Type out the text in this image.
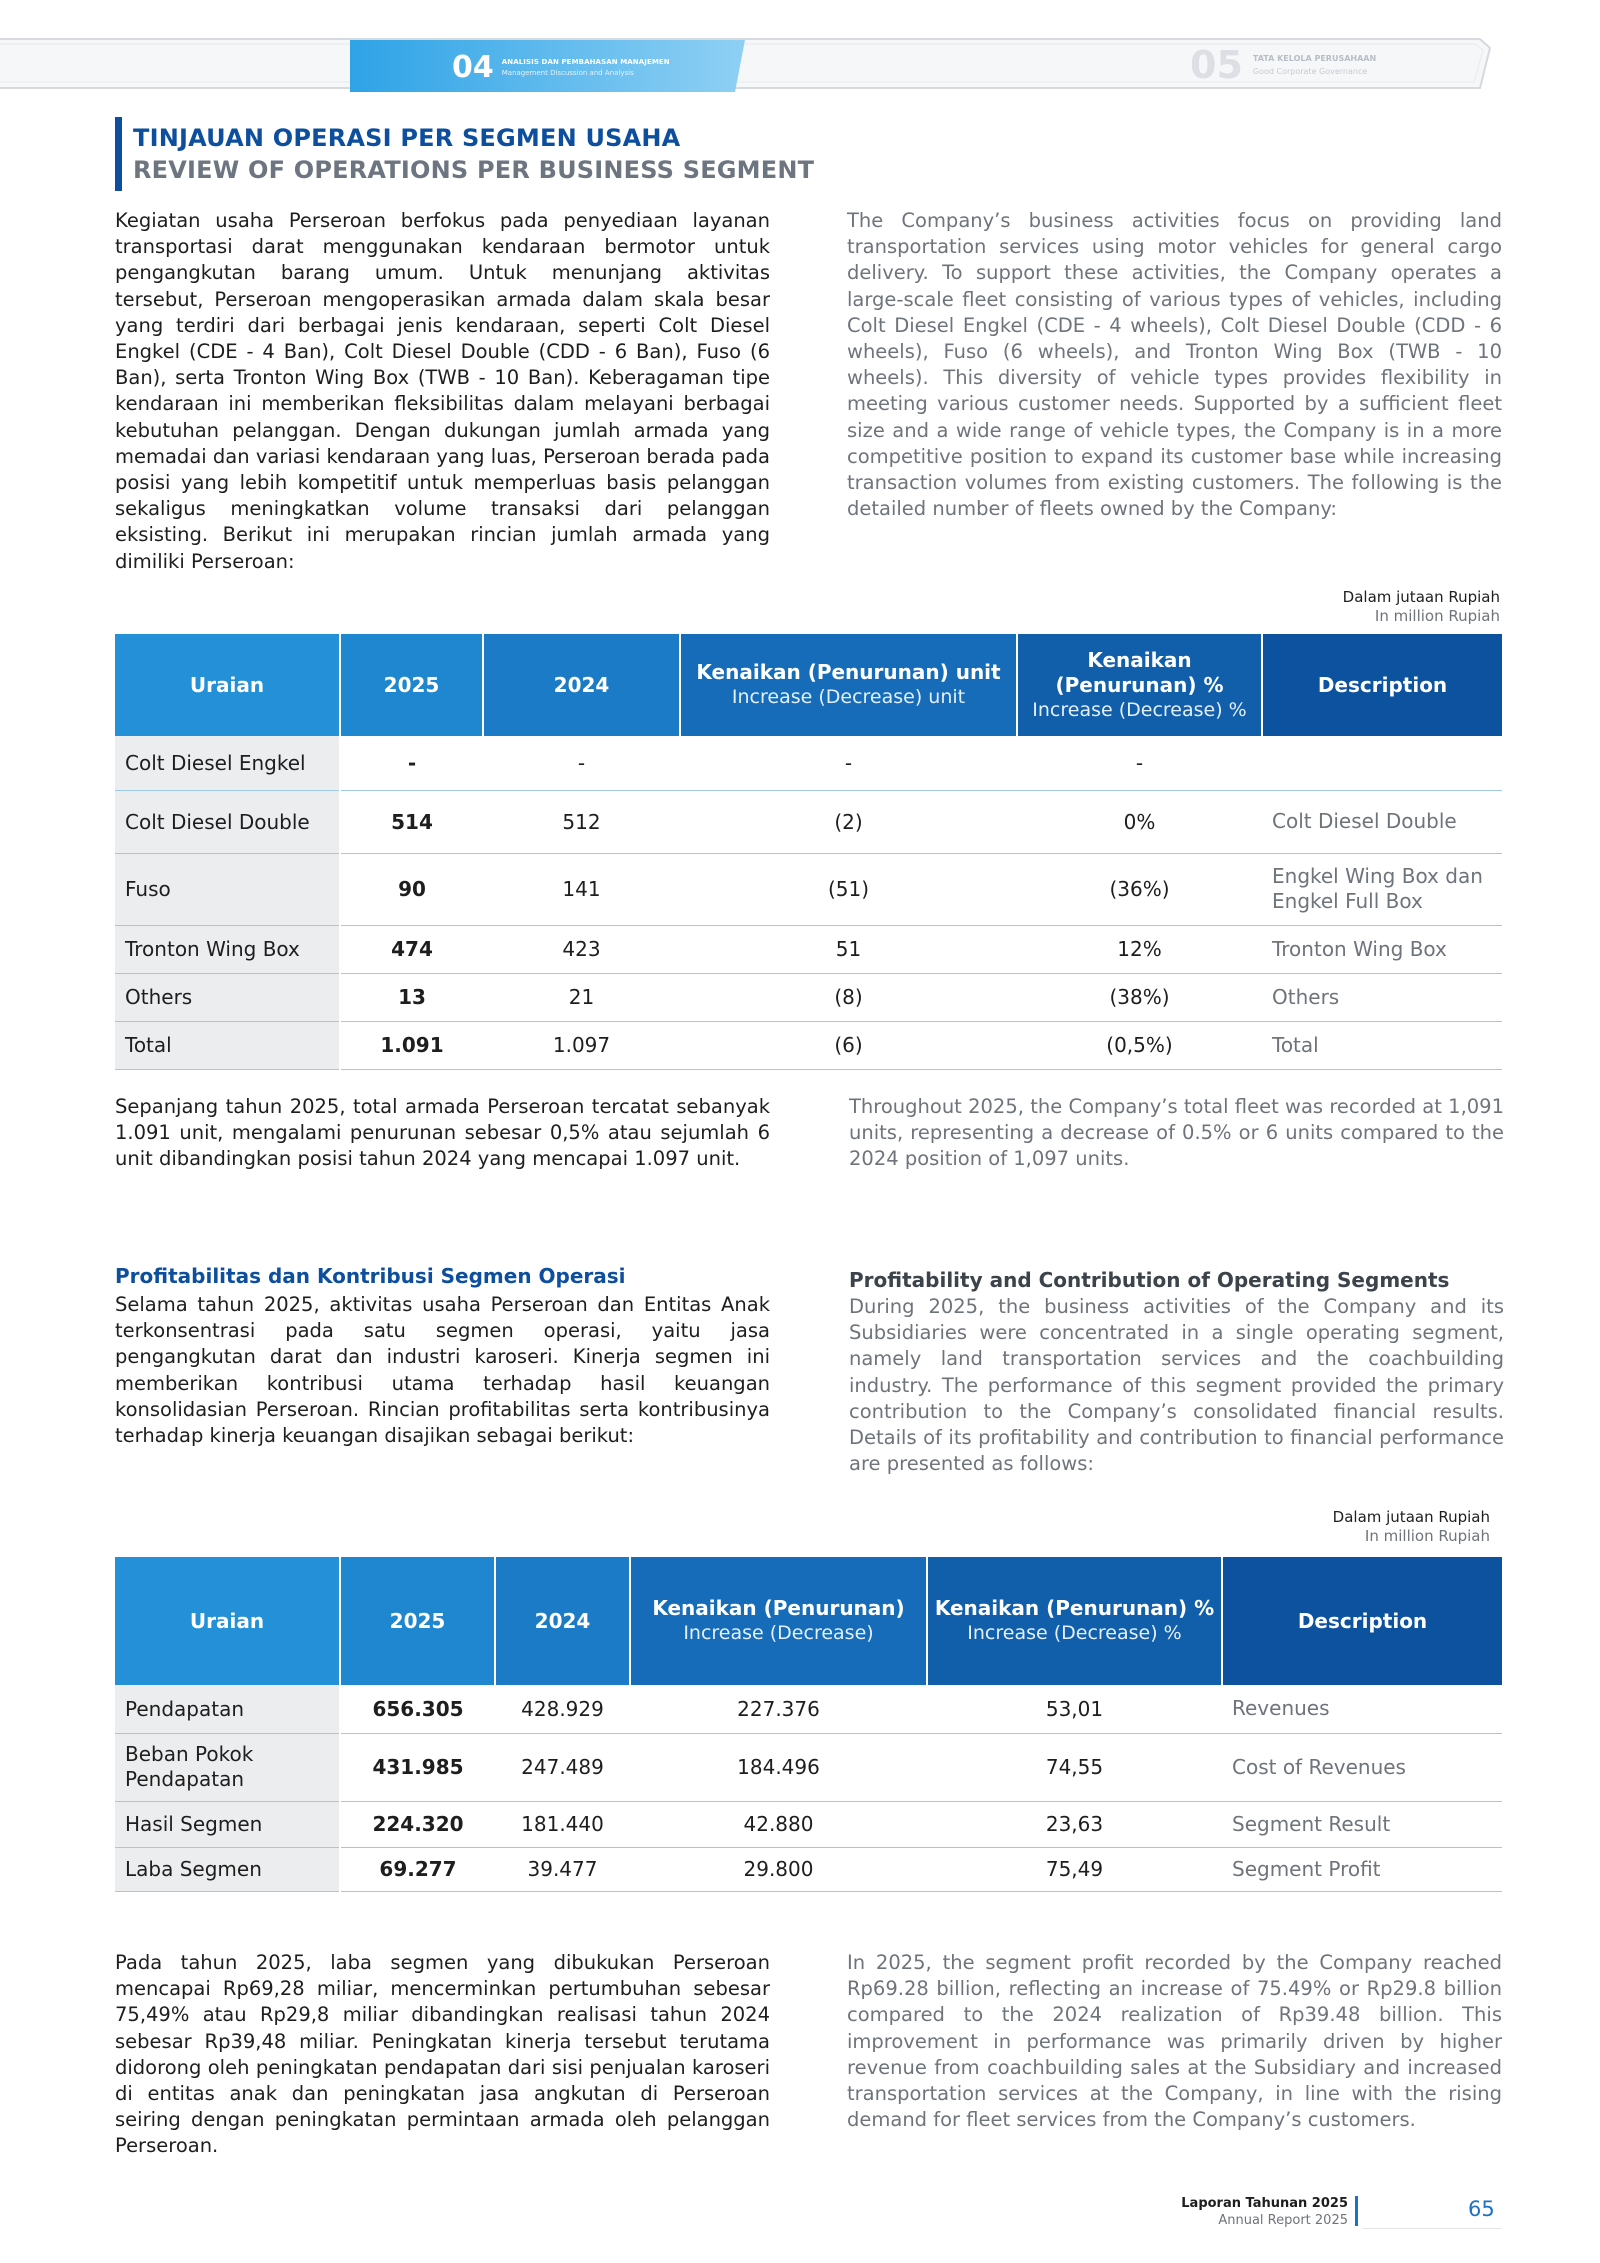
04 ANALISIS DAN PEMBAHASAN MANAJEMEN
Management Discussion and Analysis	05 TATA KELOLA PERUSAHAAN
Good Corporate Governance
TINJAUAN OPERASI PER SEGMEN USAHA
REVIEW OF OPERATIONS PER BUSINESS SEGMENT
Kegiatan usaha Perseroan berfokus pada penyediaan layanan transportasi darat menggunakan kendaraan bermotor untuk pengangkutan barang umum. Untuk menunjang aktivitas tersebut, Perseroan mengoperasikan armada dalam skala besar yang terdiri dari berbagai jenis kendaraan, seperti Colt Diesel Engkel (CDE - 4 Ban), Colt Diesel Double (CDD - 6 Ban), Fuso (6 Ban), serta Tronton Wing Box (TWB - 10 Ban). Keberagaman tipe kendaraan ini memberikan fleksibilitas dalam melayani berbagai kebutuhan pelanggan. Dengan dukungan jumlah armada yang memadai dan variasi kendaraan yang luas, Perseroan berada pada posisi yang lebih kompetitif untuk memperluas basis pelanggan sekaligus meningkatkan volume transaksi dari pelanggan eksisting. Berikut ini merupakan rincian jumlah armada yang dimiliki Perseroan:
The Company’s business activities focus on providing land transportation services using motor vehicles for general cargo delivery. To support these activities, the Company operates a large-scale fleet consisting of various types of vehicles, including Colt Diesel Engkel (CDE - 4 wheels), Colt Diesel Double (CDD - 6 wheels), Fuso (6 wheels), and Tronton Wing Box (TWB - 10 wheels). This diversity of vehicle types provides flexibility in meeting various customer needs. Supported by a sufficient fleet size and a wide range of vehicle types, the Company is in a more competitive position to expand its customer base while increasing transaction volumes from existing customers. The following is the detailed number of fleets owned by the Company:
Dalam jutaan Rupiah
In million Rupiah
Uraian	2025	2024	Kenaikan (Penurunan) unit
Increase (Decrease) unit	Kenaikan (Penurunan) %
Increase (Decrease) %	Description
Colt Diesel Engkel	-	-	-	-	
Colt Diesel Double	514	512	(2)	0%	Colt Diesel Double
Fuso	90	141	(51)	(36%)	Engkel Wing Box dan Engkel Full Box
Tronton Wing Box	474	423	51	12%	Tronton Wing Box
Others	13	21	(8)	(38%)	Others
Total	1.091	1.097	(6)	(0,5%)	Total
Sepanjang tahun 2025, total armada Perseroan tercatat sebanyak 1.091 unit, mengalami penurunan sebesar 0,5% atau sejumlah 6 unit dibandingkan posisi tahun 2024 yang mencapai 1.097 unit.
Throughout 2025, the Company’s total fleet was recorded at 1,091 units, representing a decrease of 0.5% or 6 units compared to the 2024 position of 1,097 units.
Profitabilitas dan Kontribusi Segmen Operasi	Profitability and Contribution of Operating Segments
Selama tahun 2025, aktivitas usaha Perseroan dan Entitas Anak terkonsentrasi pada satu segmen operasi, yaitu jasa pengangkutan darat dan industri karoseri. Kinerja segmen ini memberikan kontribusi utama terhadap hasil keuangan konsolidasian Perseroan. Rincian profitabilitas serta kontribusinya terhadap kinerja keuangan disajikan sebagai berikut:
During 2025, the business activities of the Company and its Subsidiaries were concentrated in a single operating segment, namely land transportation services and the coachbuilding industry. The performance of this segment provided the primary contribution to the Company’s consolidated financial results. Details of its profitability and contribution to financial performance are presented as follows:
Dalam jutaan Rupiah
In million Rupiah
Uraian	2025	2024	Kenaikan (Penurunan)
Increase (Decrease)	Kenaikan (Penurunan) %
Increase (Decrease) %	Description
Pendapatan	656.305	428.929	227.376	53,01	Revenues
Beban Pokok Pendapatan	431.985	247.489	184.496	74,55	Cost of Revenues
Hasil Segmen	224.320	181.440	42.880	23,63	Segment Result
Laba Segmen	69.277	39.477	29.800	75,49	Segment Profit
Pada tahun 2025, laba segmen yang dibukukan Perseroan mencapai Rp69,28 miliar, mencerminkan pertumbuhan sebesar 75,49% atau Rp29,8 miliar dibandingkan realisasi tahun 2024 sebesar Rp39,48 miliar. Peningkatan kinerja tersebut terutama didorong oleh peningkatan pendapatan dari sisi penjualan karoseri di entitas anak dan peningkatan jasa angkutan di Perseroan seiring dengan peningkatan permintaan armada oleh pelanggan Perseroan.
In 2025, the segment profit recorded by the Company reached Rp69.28 billion, reflecting an increase of 75.49% or Rp29.8 billion compared to the 2024 realization of Rp39.48 billion. This improvement in performance was primarily driven by higher revenue from coachbuilding sales at the Subsidiary and increased transportation services at the Company, in line with the rising demand for fleet services from the Company’s customers.
Laporan Tahunan 2025
Annual Report 2025	65
